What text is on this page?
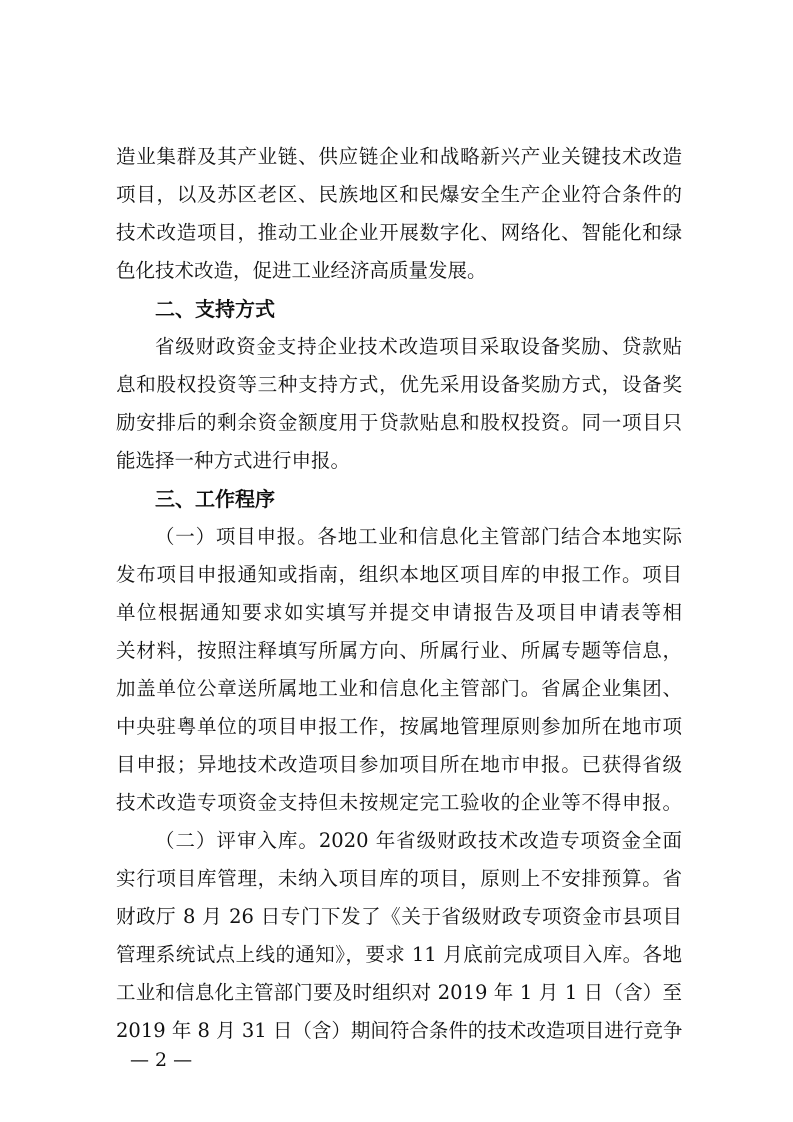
造业集群及其产业链、供应链企业和战略新兴产业关键技术改造
项目，以及苏区老区、民族地区和民爆安全生产企业符合条件的
技术改造项目，推动工业企业开展数字化、网络化、智能化和绿
色化技术改造，促进工业经济高质量发展。
二、支持方式
省级财政资金支持企业技术改造项目采取设备奖励、贷款贴
息和股权投资等三种支持方式，优先采用设备奖励方式，设备奖
励安排后的剩余资金额度用于贷款贴息和股权投资。同一项目只
能选择一种方式进行申报。
三、工作程序
（一）项目申报。各地工业和信息化主管部门结合本地实际
发布项目申报通知或指南，组织本地区项目库的申报工作。项目
单位根据通知要求如实填写并提交申请报告及项目申请表等相
关材料，按照注释填写所属方向、所属行业、所属专题等信息，
加盖单位公章送所属地工业和信息化主管部门。省属企业集团、
中央驻粤单位的项目申报工作，按属地管理原则参加所在地市项
目申报；异地技术改造项目参加项目所在地市申报。已获得省级
技术改造专项资金支持但未按规定完工验收的企业等不得申报。
（二）评审入库。2020 年省级财政技术改造专项资金全面
实行项目库管理，未纳入项目库的项目，原则上不安排预算。省
财政厅 8 月 26 日专门下发了《关于省级财政专项资金市县项目
管理系统试点上线的通知》，要求 11 月底前完成项目入库。各地
工业和信息化主管部门要及时组织对 2019 年 1 月 1 日（含）至
2019 年 8 月 31 日（含）期间符合条件的技术改造项目进行竞争
— 2 —
